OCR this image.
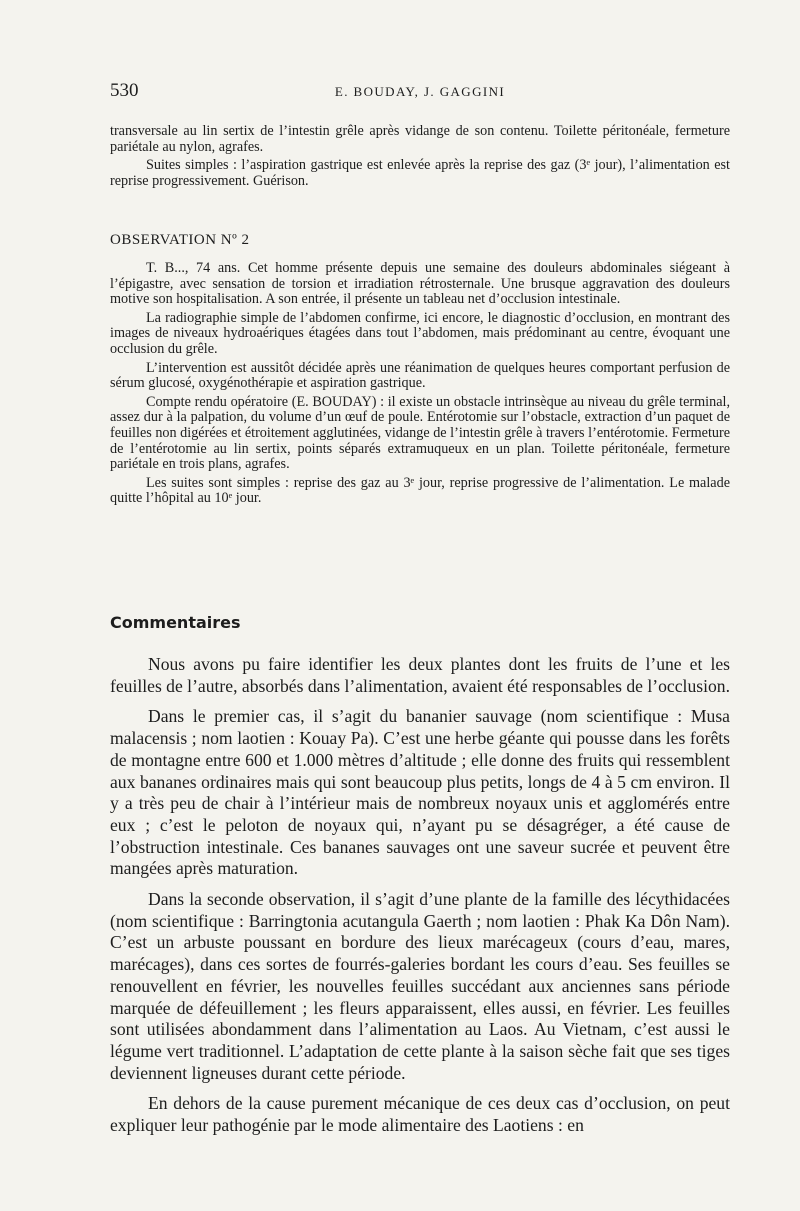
530	E. BOUDAY, J. GAGGINI

transversale au lin sertix de l’intestin grêle après vidange de son contenu. Toilette péritonéale, fermeture pariétale au nylon, agrafes.

Suites simples : l’aspiration gastrique est enlevée après la reprise des gaz (3ᵉ jour), l’alimentation est reprise progressivement. Guérison.

OBSERVATION Nº 2

T. B..., 74 ans. Cet homme présente depuis une semaine des douleurs abdominales siégeant à l’épigastre, avec sensation de torsion et irradiation rétrosternale. Une brusque aggravation des douleurs motive son hospitalisation. A son entrée, il présente un tableau net d’occlusion intestinale.

La radiographie simple de l’abdomen confirme, ici encore, le diagnostic d’occlusion, en montrant des images de niveaux hydroaériques étagées dans tout l’abdomen, mais prédominant au centre, évoquant une occlusion du grêle.

L’intervention est aussitôt décidée après une réanimation de quelques heures comportant perfusion de sérum glucosé, oxygénothérapie et aspiration gastrique.

Compte rendu opératoire (E. BOUDAY) : il existe un obstacle intrinsèque au niveau du grêle terminal, assez dur à la palpation, du volume d’un œuf de poule. Entérotomie sur l’obstacle, extraction d’un paquet de feuilles non digérées et étroitement agglutinées, vidange de l’intestin grêle à travers l’entérotomie. Fermeture de l’entérotomie au lin sertix, points séparés extramuqueux en un plan. Toilette péritonéale, fermeture pariétale en trois plans, agrafes.

Les suites sont simples : reprise des gaz au 3ᵉ jour, reprise progressive de l’alimentation. Le malade quitte l’hôpital au 10ᵉ jour.

Commentaires

Nous avons pu faire identifier les deux plantes dont les fruits de l’une et les feuilles de l’autre, absorbés dans l’alimentation, avaient été responsables de l’occlusion.

Dans le premier cas, il s’agit du bananier sauvage (nom scientifique : Musa malacensis ; nom laotien : Kouay Pa). C’est une herbe géante qui pousse dans les forêts de montagne entre 600 et 1.000 mètres d’altitude ; elle donne des fruits qui ressemblent aux bananes ordinaires mais qui sont beaucoup plus petits, longs de 4 à 5 cm environ. Il y a très peu de chair à l’intérieur mais de nombreux noyaux unis et agglomérés entre eux ; c’est le peloton de noyaux qui, n’ayant pu se désagréger, a été cause de l’obstruction intestinale. Ces bananes sauvages ont une saveur sucrée et peuvent être mangées après maturation.

Dans la seconde observation, il s’agit d’une plante de la famille des lécythidacées (nom scientifique : Barringtonia acutangula Gaerth ; nom laotien : Phak Ka Dôn Nam). C’est un arbuste poussant en bordure des lieux marécageux (cours d’eau, mares, marécages), dans ces sortes de fourrés-galeries bordant les cours d’eau. Ses feuilles se renouvellent en février, les nouvelles feuilles succédant aux anciennes sans période marquée de défeuillement ; les fleurs apparaissent, elles aussi, en février. Les feuilles sont utilisées abondamment dans l’alimentation au Laos. Au Vietnam, c’est aussi le légume vert traditionnel. L’adaptation de cette plante à la saison sèche fait que ses tiges deviennent ligneuses durant cette période.

En dehors de la cause purement mécanique de ces deux cas d’occlusion, on peut expliquer leur pathogénie par le mode alimentaire des Laotiens : en
